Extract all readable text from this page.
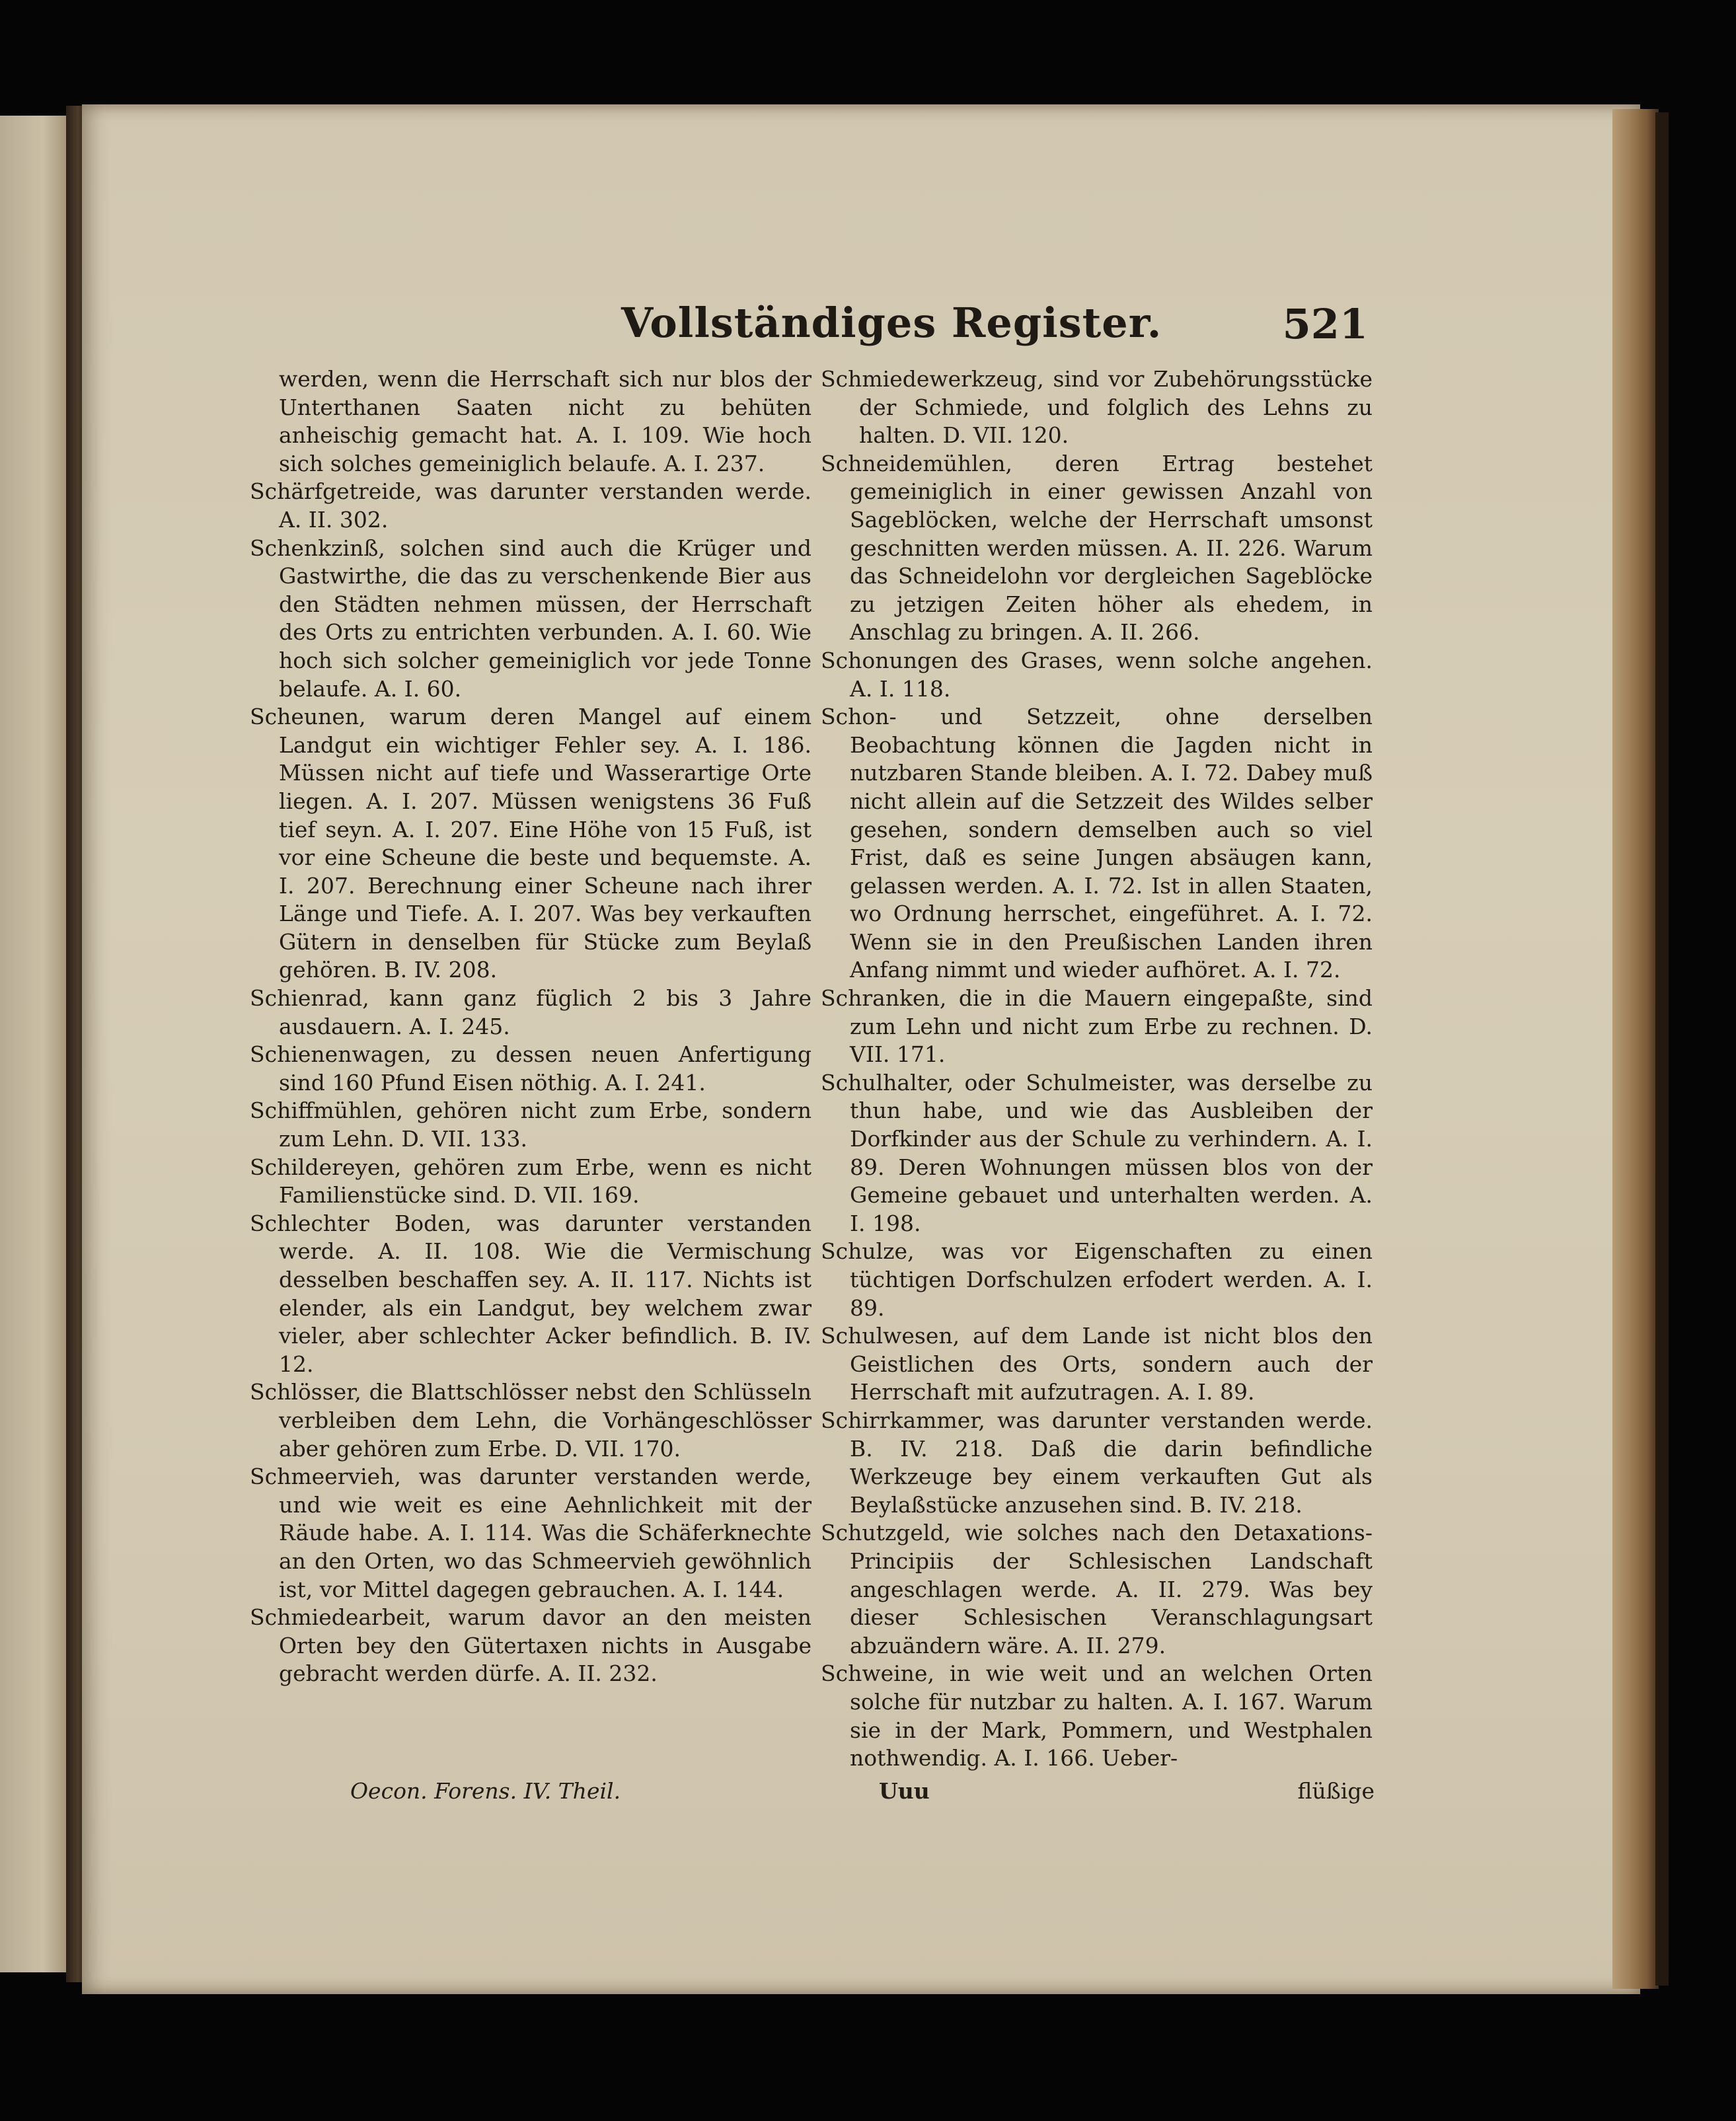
Vollständiges Register.	521

werden, wenn die Herrschaft sich nur blos der Unterthanen Saaten nicht zu behüten anheischig gemacht hat. A. I. 109. Wie hoch sich solches gemeiniglich belaufe. A. I. 237.

Schärfgetreide, was darunter verstanden werde. A. II. 302.

Schenkzinß, solchen sind auch die Krüger und Gastwirthe, die das zu verschenkende Bier aus den Städten nehmen müssen, der Herrschaft des Orts zu entrichten verbunden. A. I. 60. Wie hoch sich solcher gemeiniglich vor jede Tonne belaufe. A. I. 60.

Scheunen, warum deren Mangel auf einem Landgut ein wichtiger Fehler sey. A. I. 186. Müssen nicht auf tiefe und Wasserartige Orte liegen. A. I. 207. Müssen wenigstens 36 Fuß tief seyn. A. I. 207. Eine Höhe von 15 Fuß, ist vor eine Scheune die beste und bequemste. A. I. 207. Berechnung einer Scheune nach ihrer Länge und Tiefe. A. I. 207. Was bey verkauften Gütern in denselben für Stücke zum Beylaß gehören. B. IV. 208.

Schienrad, kann ganz füglich 2 bis 3 Jahre ausdauern. A. I. 245.

Schienenwagen, zu dessen neuen Anfertigung sind 160 Pfund Eisen nöthig. A. I. 241.

Schiffmühlen, gehören nicht zum Erbe, sondern zum Lehn. D. VII. 133.

Schildereyen, gehören zum Erbe, wenn es nicht Familienstücke sind. D. VII. 169.

Schlechter Boden, was darunter verstanden werde. A. II. 108. Wie die Vermischung desselben beschaffen sey. A. II. 117. Nichts ist elender, als ein Landgut, bey welchem zwar vieler, aber schlechter Acker befindlich. B. IV. 12.

Schlösser, die Blattschlösser nebst den Schlüsseln verbleiben dem Lehn, die Vorhängeschlösser aber gehören zum Erbe. D. VII. 170.

Schmeervieh, was darunter verstanden werde, und wie weit es eine Aehnlichkeit mit der Räude habe. A. I. 114. Was die Schäferknechte an den Orten, wo das Schmeervieh gewöhnlich ist, vor Mittel dagegen gebrauchen. A. I. 144.

Schmiedearbeit, warum davor an den meisten Orten bey den Gütertaxen nichts in Ausgabe gebracht werden dürfe. A. II. 232.

Schmiedewerkzeug, sind vor Zubehörungsstücke der Schmiede, und folglich des Lehns zu halten. D. VII. 120.

Schneidemühlen, deren Ertrag bestehet gemeiniglich in einer gewissen Anzahl von Sageblöcken, welche der Herrschaft umsonst geschnitten werden müssen. A. II. 226. Warum das Schneidelohn vor dergleichen Sageblöcke zu jetzigen Zeiten höher als ehedem, in Anschlag zu bringen. A. II. 266.

Schonungen des Grases, wenn solche angehen. A. I. 118.

Schon- und Setzzeit, ohne derselben Beobachtung können die Jagden nicht in nutzbaren Stande bleiben. A. I. 72. Dabey muß nicht allein auf die Setzzeit des Wildes selber gesehen, sondern demselben auch so viel Frist, daß es seine Jungen absäugen kann, gelassen werden. A. I. 72. Ist in allen Staaten, wo Ordnung herrschet, eingeführet. A. I. 72. Wenn sie in den Preußischen Landen ihren Anfang nimmt und wieder aufhöret. A. I. 72.

Schranken, die in die Mauern eingepaßte, sind zum Lehn und nicht zum Erbe zu rechnen. D. VII. 171.

Schulhalter, oder Schulmeister, was derselbe zu thun habe, und wie das Ausbleiben der Dorfkinder aus der Schule zu verhindern. A. I. 89. Deren Wohnungen müssen blos von der Gemeine gebauet und unterhalten werden. A. I. 198.

Schulze, was vor Eigenschaften zu einen tüchtigen Dorfschulzen erfodert werden. A. I. 89.

Schulwesen, auf dem Lande ist nicht blos den Geistlichen des Orts, sondern auch der Herrschaft mit aufzutragen. A. I. 89.

Schirrkammer, was darunter verstanden werde. B. IV. 218. Daß die darin befindliche Werkzeuge bey einem verkauften Gut als Beylaßstücke anzusehen sind. B. IV. 218.

Schutzgeld, wie solches nach den Detaxations-Principiis der Schlesischen Landschaft angeschlagen werde. A. II. 279. Was bey dieser Schlesischen Veranschlagungsart abzuändern wäre. A. II. 279.

Schweine, in wie weit und an welchen Orten solche für nutzbar zu halten. A. I. 167. Warum sie in der Mark, Pommern, und Westphalen nothwendig. A. I. 166. Ueber-

Oecon. Forens. IV. Theil.	Uuu	flüßige
